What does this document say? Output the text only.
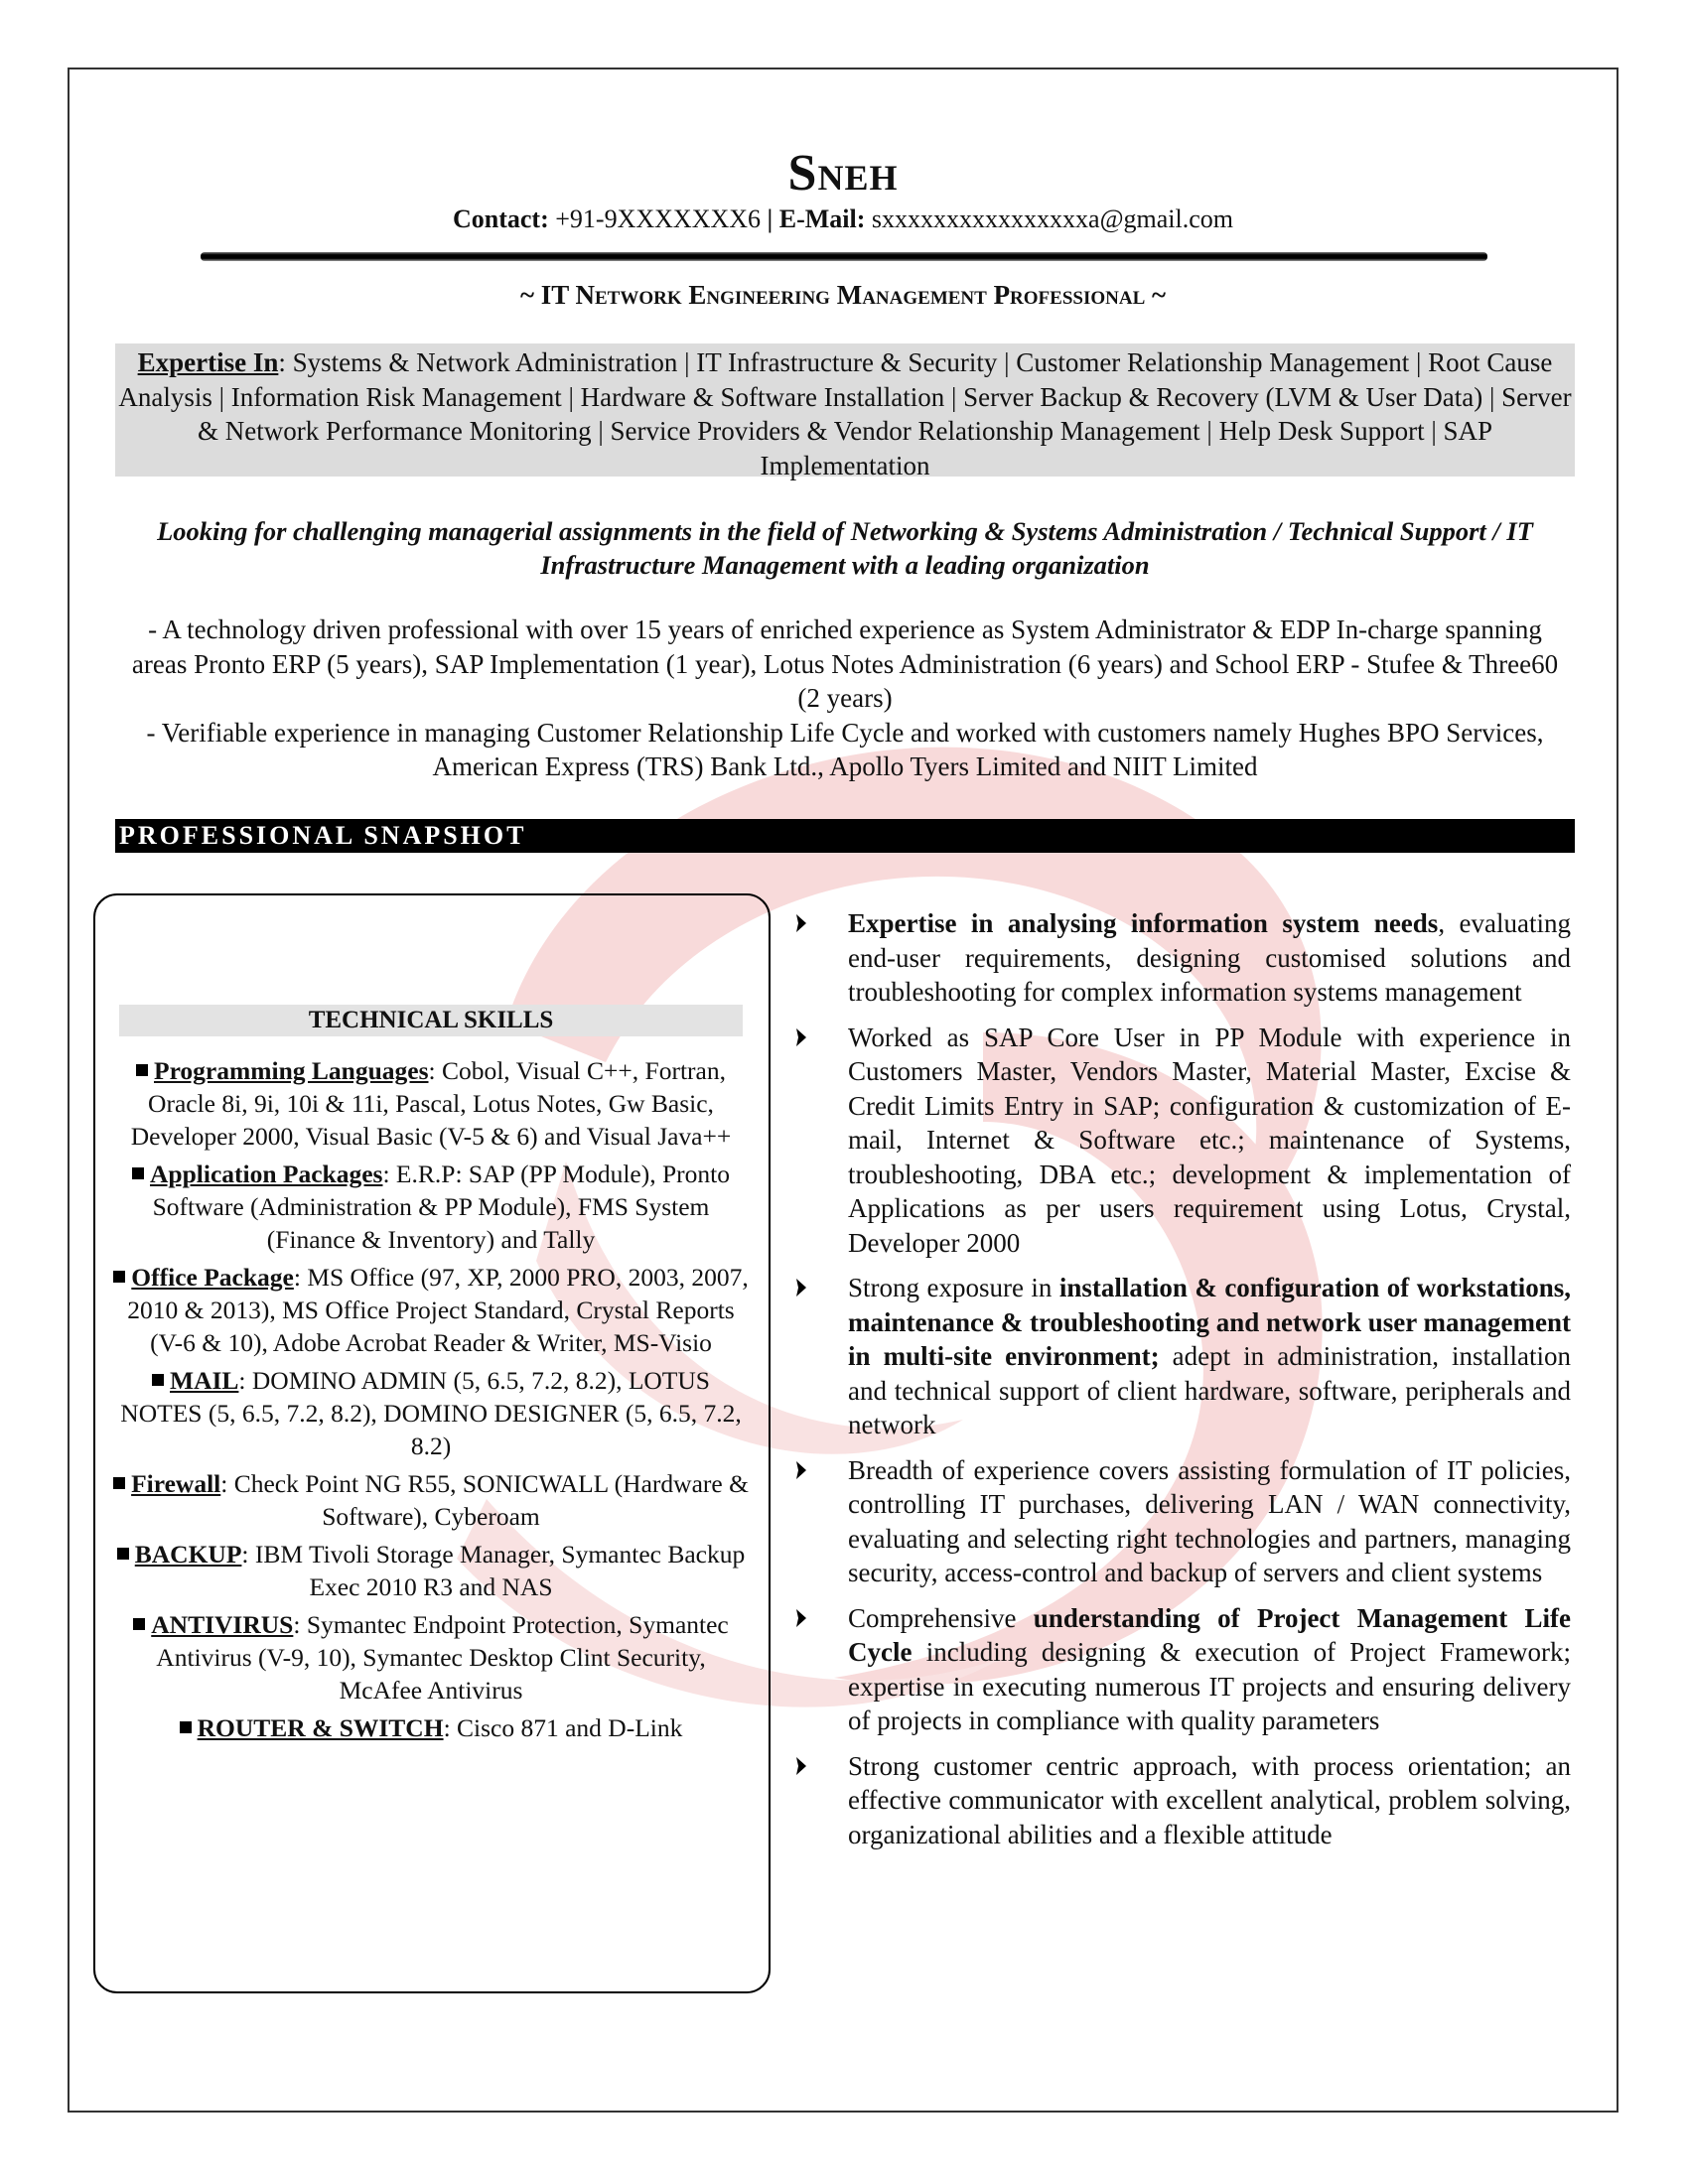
Sneh
Contact: +91-9XXXXXXX6 | E-Mail: sxxxxxxxxxxxxxxxxa@gmail.com
~ IT Network Engineering Management Professional ~
Expertise In: Systems & Network Administration | IT Infrastructure & Security | Customer Relationship Management | Root Cause Analysis | Information Risk Management | Hardware & Software Installation | Server Backup & Recovery (LVM & User Data) | Server & Network Performance Monitoring | Service Providers & Vendor Relationship Management | Help Desk Support | SAP Implementation
Looking for challenging managerial assignments in the field of Networking & Systems Administration / Technical Support / IT Infrastructure Management with a leading organization

- A technology driven professional with over 15 years of enriched experience as System Administrator & EDP In-charge spanning areas Pronto ERP (5 years), SAP Implementation (1 year), Lotus Notes Administration (6 years) and School ERP - Stufee & Three60 (2 years)

- Verifiable experience in managing Customer Relationship Life Cycle and worked with customers namely Hughes BPO Services, American Express (TRS) Bank Ltd., Apollo Tyers Limited and NIIT Limited

PROFESSIONAL SNAPSHOT
TECHNICAL SKILLS
Programming Languages: Cobol, Visual C++, Fortran, Oracle 8i, 9i, 10i & 11i, Pascal, Lotus Notes, Gw Basic, Developer 2000, Visual Basic (V-5 & 6) and Visual Java++
Application Packages: E.R.P: SAP (PP Module), Pronto Software (Administration & PP Module), FMS System (Finance & Inventory) and Tally
Office Package: MS Office (97, XP, 2000 PRO, 2003, 2007, 2010 & 2013), MS Office Project Standard, Crystal Reports (V-6 & 10), Adobe Acrobat Reader & Writer, MS-Visio
MAIL: DOMINO ADMIN (5, 6.5, 7.2, 8.2), LOTUS NOTES (5, 6.5, 7.2, 8.2), DOMINO DESIGNER (5, 6.5, 7.2, 8.2)
Firewall: Check Point NG R55, SONICWALL (Hardware & Software), Cyberoam
BACKUP: IBM Tivoli Storage Manager, Symantec Backup Exec 2010 R3 and NAS
ANTIVIRUS: Symantec Endpoint Protection, Symantec Antivirus (V-9, 10), Symantec Desktop Clint Security, McAfee Antivirus
ROUTER & SWITCH: Cisco 871 and D-Link
Expertise in analysing information system needs, evaluating end-user requirements, designing customised solutions and troubleshooting for complex information systems management
Worked as SAP Core User in PP Module with experience in Customers Master, Vendors Master, Material Master, Excise & Credit Limits Entry in SAP; configuration & customization of E-mail, Internet & Software etc.; maintenance of Systems, troubleshooting, DBA etc.; development & implementation of Applications as per users requirement using Lotus, Crystal, Developer 2000
Strong exposure in installation & configuration of workstations, maintenance & troubleshooting and network user management in multi-site environment; adept in administration, installation and technical support of client hardware, software, peripherals and network
Breadth of experience covers assisting formulation of IT policies, controlling IT purchases, delivering LAN / WAN connectivity, evaluating and selecting right technologies and partners, managing security, access-control and backup of servers and client systems
Comprehensive understanding of Project Management Life Cycle including designing & execution of Project Framework; expertise in executing numerous IT projects and ensuring delivery of projects in compliance with quality parameters
Strong customer centric approach, with process orientation; an effective communicator with excellent analytical, problem solving, organizational abilities and a flexible attitude
